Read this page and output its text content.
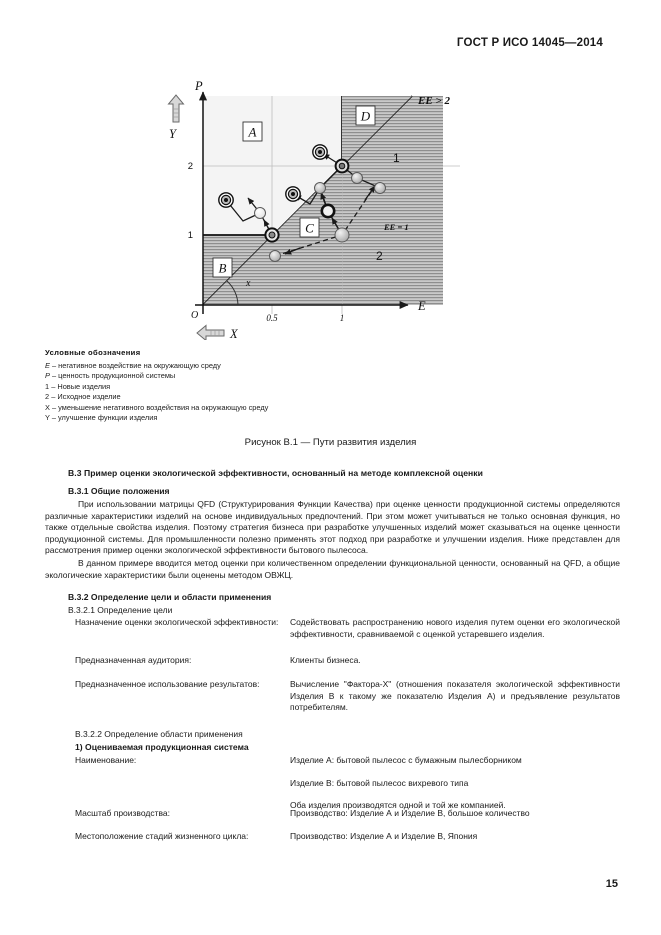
ГОСТ Р ИСО 14045—2014
A
B
C
D
P
E
O
1
2
0.5	1
x
EE > 2
EE = 1
1
2
Y
X
Условные обозначения
E – негативное воздействие на окружающую среду
P – ценность продукционной системы
1 – Новые изделия
2 – Исходное изделие
X – уменьшение негативного воздействия на окружающую среду
Y – улучшение функции изделия
Рисунок В.1 — Пути развития изделия
В.3 Пример оценки экологической эффективности, основанный на методе комплексной оценки
В.3.1 Общие положения
При использовании матрицы QFD (Структурирования Функции Качества) при оценке ценности продукционной системы определяются различные характеристики изделий на основе индивидуальных предпочтений. При этом может учитываться не только основная функция, но также отдельные свойства изделия. Поэтому стратегия бизнеса при разработке улучшенных изделий может сказываться на оценке ценности продукционной системы. Для промышленности полезно применять этот подход при разработке и улучшении изделия. Ниже представлен для рассмотрения пример оценки экологической эффективности бытового пылесоса.
В данном примере вводится метод оценки при количественном определении функциональной ценности, основанный на QFD, а общие экологические характеристики были оценены методом ОВЖЦ.
В.3.2 Определение цели и области применения
В.3.2.1 Определение цели
Назначение оценки экологической эффективности:	Содействовать распространению нового изделия путем оценки его экологической эффективности, сравниваемой с оценкой устаревшего изделия.
Предназначенная аудитория:	Клиенты бизнеса.
Предназначенное использование результатов:	Вычисление "Фактора-Х" (отношения показателя экологической эффективности Изделия В к такому же показателю Изделия А) и предъявление результатов потребителям.
В.3.2.2 Определение области применения
1) Оцениваемая продукционная система
Наименование:	Изделие А: бытовой пылесос с бумажным пылесборником

Изделие В: бытовой пылесос вихревого типа

Оба изделия производятся одной и той же компанией.

Масштаб производства:	Производство: Изделие А и Изделие В, большое количество
Местоположение стадий жизненного цикла:	Производство: Изделие А и Изделие В, Япония
15
